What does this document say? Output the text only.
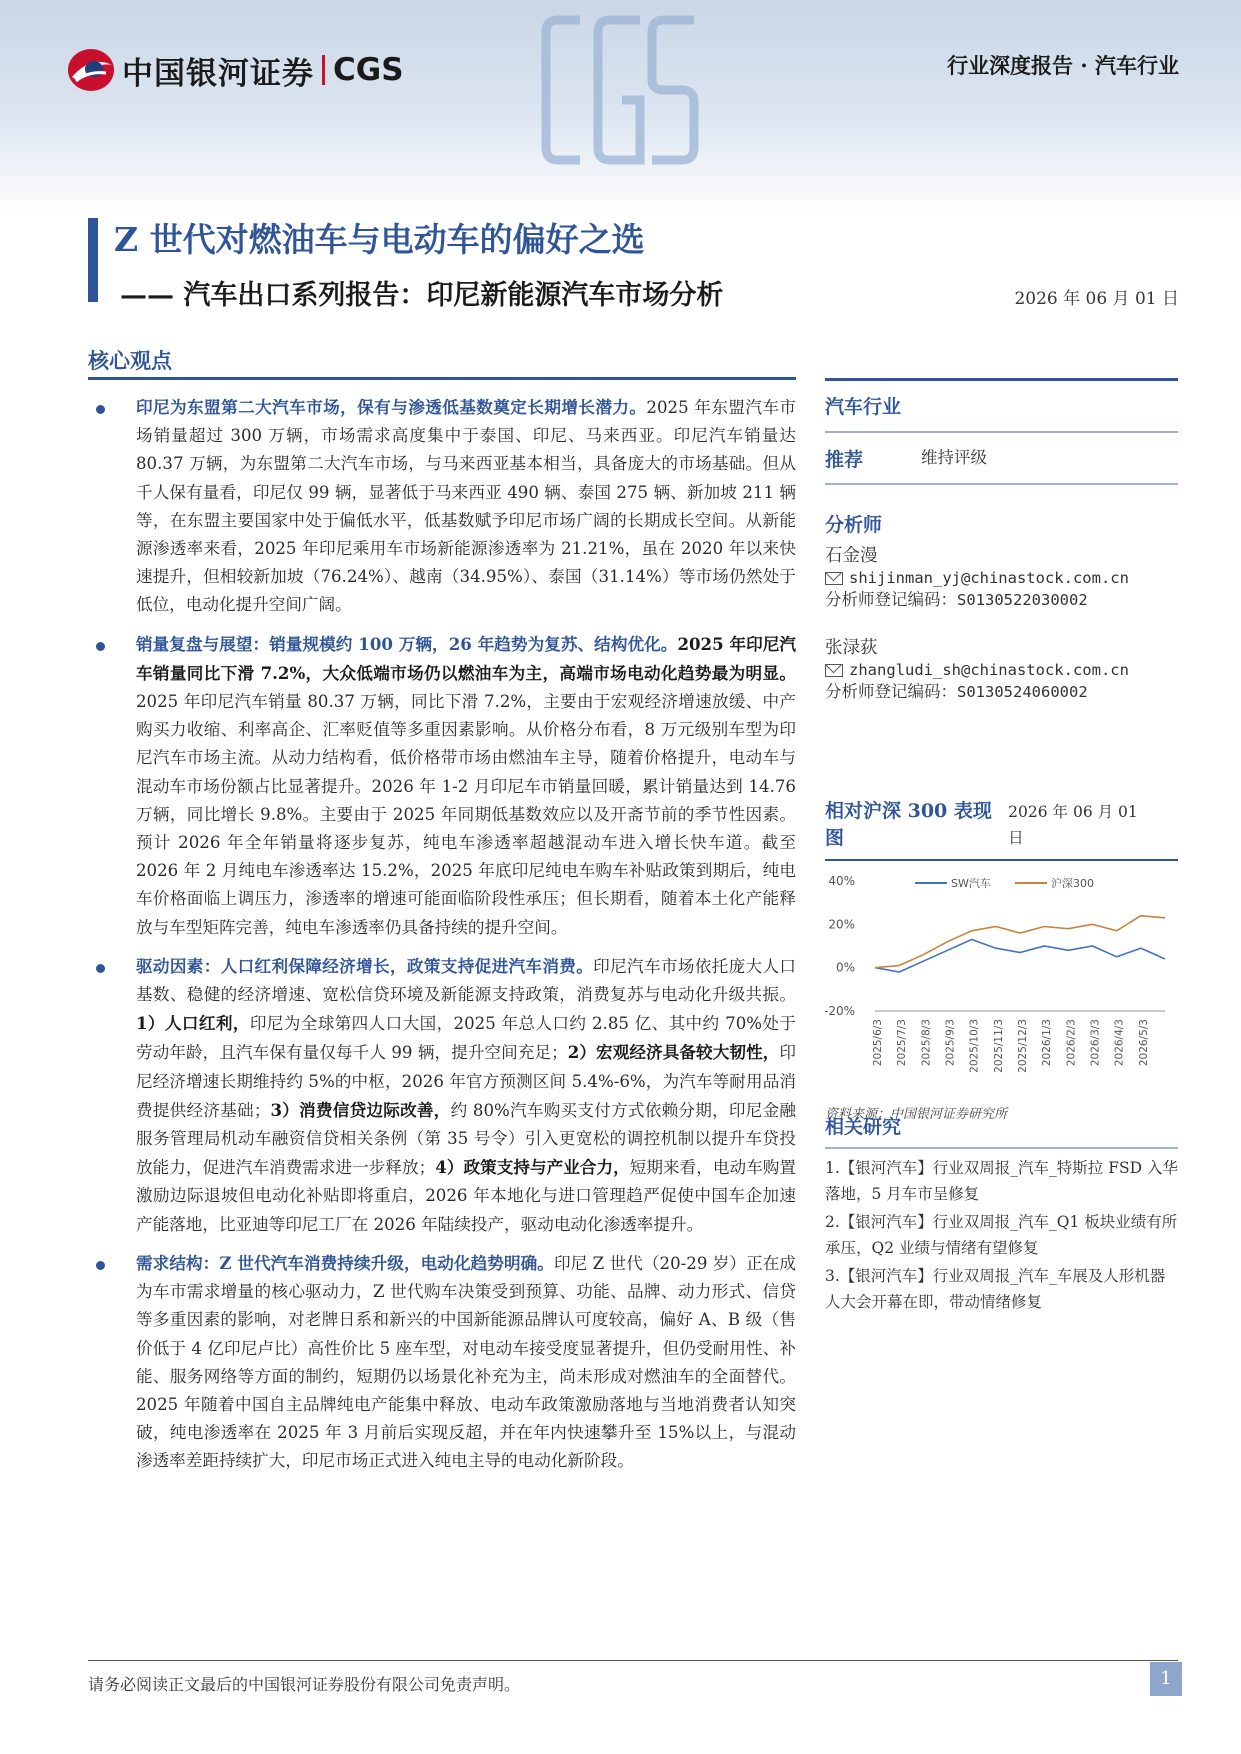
中国银河证券 CGS	行业深度报告 · 汽车行业
Z 世代对燃油车与电动车的偏好之选
—— 汽车出口系列报告：印尼新能源汽车市场分析	2026 年 06 月 01 日
核心观点
印尼为东盟第二大汽车市场，保有与渗透低基数奠定长期增长潜力。2025 年东盟汽车市场销量超过 300 万辆，市场需求高度集中于泰国、印尼、马来西亚。印尼汽车销量达 80.37 万辆，为东盟第二大汽车市场，与马来西亚基本相当，具备庞大的市场基础。但从千人保有量看，印尼仅 99 辆，显著低于马来西亚 490 辆、泰国 275 辆、新加坡 211 辆等，在东盟主要国家中处于偏低水平，低基数赋予印尼市场广阔的长期成长空间。从新能源渗透率来看，2025 年印尼乘用车市场新能源渗透率为 21.21%，虽在 2020 年以来快速提升，但相较新加坡（76.24%）、越南（34.95%）、泰国（31.14%）等市场仍然处于低位，电动化提升空间广阔。
销量复盘与展望：销量规模约 100 万辆，26 年趋势为复苏、结构优化。2025 年印尼汽车销量同比下滑 7.2%，大众低端市场仍以燃油车为主，高端市场电动化趋势最为明显。2025 年印尼汽车销量 80.37 万辆，同比下滑 7.2%，主要由于宏观经济增速放缓、中产购买力收缩、利率高企、汇率贬值等多重因素影响。从价格分布看，8 万元级别车型为印尼汽车市场主流。从动力结构看，低价格带市场由燃油车主导，随着价格提升，电动车与混动车市场份额占比显著提升。2026 年 1-2 月印尼车市销量回暖，累计销量达到 14.76 万辆，同比增长 9.8%。主要由于 2025 年同期低基数效应以及开斋节前的季节性因素。预计 2026 年全年销量将逐步复苏，纯电车渗透率超越混动车进入增长快车道。截至 2026 年 2 月纯电车渗透率达 15.2%，2025 年底印尼纯电车购车补贴政策到期后，纯电车价格面临上调压力，渗透率的增速可能面临阶段性承压；但长期看，随着本土化产能释放与车型矩阵完善，纯电车渗透率仍具备持续的提升空间。
驱动因素：人口红利保障经济增长，政策支持促进汽车消费。印尼汽车市场依托庞大人口基数、稳健的经济增速、宽松信贷环境及新能源支持政策，消费复苏与电动化升级共振。1）人口红利，印尼为全球第四人口大国，2025 年总人口约 2.85 亿、其中约 70%处于劳动年龄，且汽车保有量仅每千人 99 辆，提升空间充足；2）宏观经济具备较大韧性，印尼经济增速长期维持约 5%的中枢，2026 年官方预测区间 5.4%-6%，为汽车等耐用品消费提供经济基础；3）消费信贷边际改善，约 80%汽车购买支付方式依赖分期，印尼金融服务管理局机动车融资信贷相关条例（第 35 号令）引入更宽松的调控机制以提升车贷投放能力，促进汽车消费需求进一步释放；4）政策支持与产业合力，短期来看，电动车购置激励边际退坡但电动化补贴即将重启，2026 年本地化与进口管理趋严促使中国车企加速产能落地，比亚迪等印尼工厂在 2026 年陆续投产，驱动电动化渗透率提升。
需求结构：Z 世代汽车消费持续升级，电动化趋势明确。印尼 Z 世代（20-29 岁）正在成为车市需求增量的核心驱动力，Z 世代购车决策受到预算、功能、品牌、动力形式、信贷等多重因素的影响，对老牌日系和新兴的中国新能源品牌认可度较高，偏好 A、B 级（售价低于 4 亿印尼卢比）高性价比 5 座车型，对电动车接受度显著提升，但仍受耐用性、补能、服务网络等方面的制约，短期仍以场景化补充为主，尚未形成对燃油车的全面替代。2025 年随着中国自主品牌纯电产能集中释放、电动车政策激励落地与当地消费者认知突破，纯电渗透率在 2025 年 3 月前后实现反超，并在年内快速攀升至 15%以上，与混动渗透率差距持续扩大，印尼市场正式进入纯电主导的电动化新阶段。
汽车行业
推荐	维持评级
分析师
石金漫
shijinman_yj@chinastock.com.cn
分析师登记编码：S0130522030002
张渌荻
zhangludi_sh@chinastock.com.cn
分析师登记编码：S0130524060002
相对沪深 300 表现图
2026 年 06 月 01 日
40%
20%
0%
-20%
2025/6/3 2025/7/3 2025/8/3 2025/9/3 2025/10/3 2025/11/3 2025/12/3 2026/1/3 2026/2/3 2026/3/3 2026/4/3 2026/5/3
SW汽车	沪深300
资料来源：中国银河证券研究所
相关研究
1.【银河汽车】行业双周报_汽车_特斯拉 FSD 入华落地，5 月车市呈修复
2.【银河汽车】行业双周报_汽车_Q1 板块业绩有所承压，Q2 业绩与情绪有望修复
3.【银河汽车】行业双周报_汽车_车展及人形机器人大会开幕在即，带动情绪修复
请务必阅读正文最后的中国银河证券股份有限公司免责声明。	1
